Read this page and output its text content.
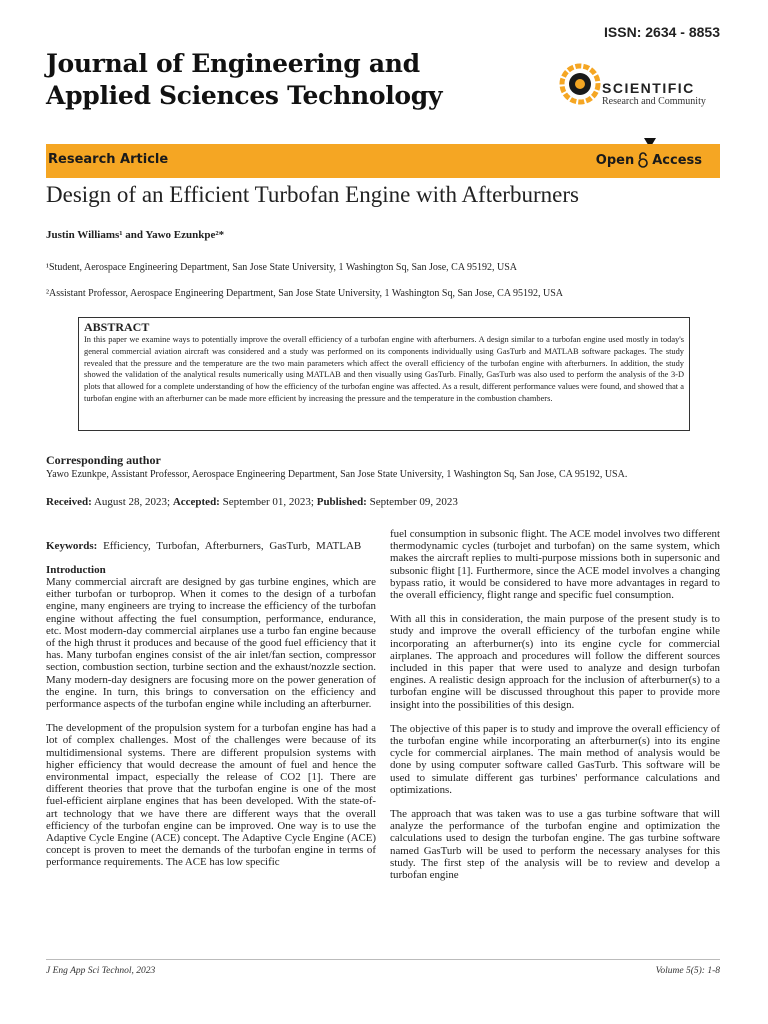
ISSN: 2634 - 8853
Journal of Engineering and Applied Sciences Technology	SCIENTIFIC
Research and Community
Research Article	Open Access
Design of an Efficient Turbofan Engine with Afterburners
Justin Williams¹ and Yawo Ezunkpe²*
¹Student, Aerospace Engineering Department, San Jose State University, 1 Washington Sq, San Jose, CA 95192, USA
²Assistant Professor, Aerospace Engineering Department, San Jose State University, 1 Washington Sq, San Jose, CA 95192, USA
ABSTRACT
In this paper we examine ways to potentially improve the overall efficiency of a turbofan engine with afterburners. A design similar to a turbofan engine used mostly in today's general commercial aviation aircraft was considered and a study was performed on its components individually using GasTurb and MATLAB software packages. The study revealed that the pressure and the temperature are the two main parameters which affect the overall efficiency of the turbofan engine with afterburners. In addition, the study showed the validation of the analytical results numerically using MATLAB and then visually using GasTurb. Finally, GasTurb was also used to perform the analysis of the 3-D plots that allowed for a complete understanding of how the efficiency of the turbofan engine was affected. As a result, different performance values were found, and showed that a turbofan engine with an afterburner can be made more efficient by increasing the pressure and the temperature in the combustion chambers.
Corresponding author
Yawo Ezunkpe, Assistant Professor, Aerospace Engineering Department, San Jose State University, 1 Washington Sq, San Jose, CA 95192, USA.
Received: August 28, 2023; Accepted: September 01, 2023; Published: September 09, 2023

Keywords: Efficiency, Turbofan, Afterburners, GasTurb, MATLAB

Introduction

Many commercial aircraft are designed by gas turbine engines, which are either turbofan or turboprop. When it comes to the design of a turbofan engine, many engineers are trying to increase the efficiency of the turbofan engine without affecting the fuel consumption, performance, endurance, etc. Most modern-day commercial airplanes use a turbo fan engine because of the high thrust it produces and because of the good fuel efficiency that it has. Many turbofan engines consist of the air inlet/fan section, compressor section, combustion section, turbine section and the exhaust/nozzle section. Many modern-day designers are focusing more on the power generation of the engine. In turn, this brings to conversation on the efficiency and performance aspects of the turbofan engine while including an afterburner.

The development of the propulsion system for a turbofan engine has had a lot of complex challenges. Most of the challenges were because of its multidimensional systems. There are different propulsion systems with higher efficiency that would decrease the amount of fuel and hence the environmental impact, especially the release of CO2 [1]. There are different theories that prove that the turbofan engine is one of the most fuel-efficient airplane engines that has been developed. With the state-of-art technology that we have there are different ways that the overall efficiency of the turbofan engine can be improved. One way is to use the Adaptive Cycle Engine (ACE) concept. The Adaptive Cycle Engine (ACE) concept is proven to meet the demands of the turbofan engine in terms of performance requirements. The ACE has low specific

fuel consumption in subsonic flight. The ACE model involves two different thermodynamic cycles (turbojet and turbofan) on the same system, which makes the aircraft replies to multi-purpose missions both in supersonic and subsonic flight [1]. Furthermore, since the ACE model involves a changing bypass ratio, it would be considered to have more advantages in regard to the overall efficiency, flight range and specific fuel consumption.

With all this in consideration, the main purpose of the present study is to study and improve the overall efficiency of the turbofan engine while incorporating an afterburner(s) into its engine cycle for commercial airplanes. The approach and procedures will follow the different sources included in this paper that were used to analyze and design turbofan engines. A realistic design approach for the inclusion of afterburner(s) to a turbofan engine will be discussed throughout this paper to provide more insight into the possibilities of this design.

The objective of this paper is to study and improve the overall efficiency of the turbofan engine while incorporating an afterburner(s) into its engine cycle for commercial airplanes. The main method of analysis would be done by using computer software called GasTurb. This software will be used to simulate different gas turbines' performance calculations and optimizations.

The approach that was taken was to use a gas turbine software that will analyze the performance of the turbofan engine and optimization the calculations used to design the turbofan engine. The gas turbine software named GasTurb will be used to perform the necessary analyses for this study. The first step of the analysis will be to review and develop a turbofan engine

J Eng App Sci Technol, 2023	Volume 5(5): 1-8
